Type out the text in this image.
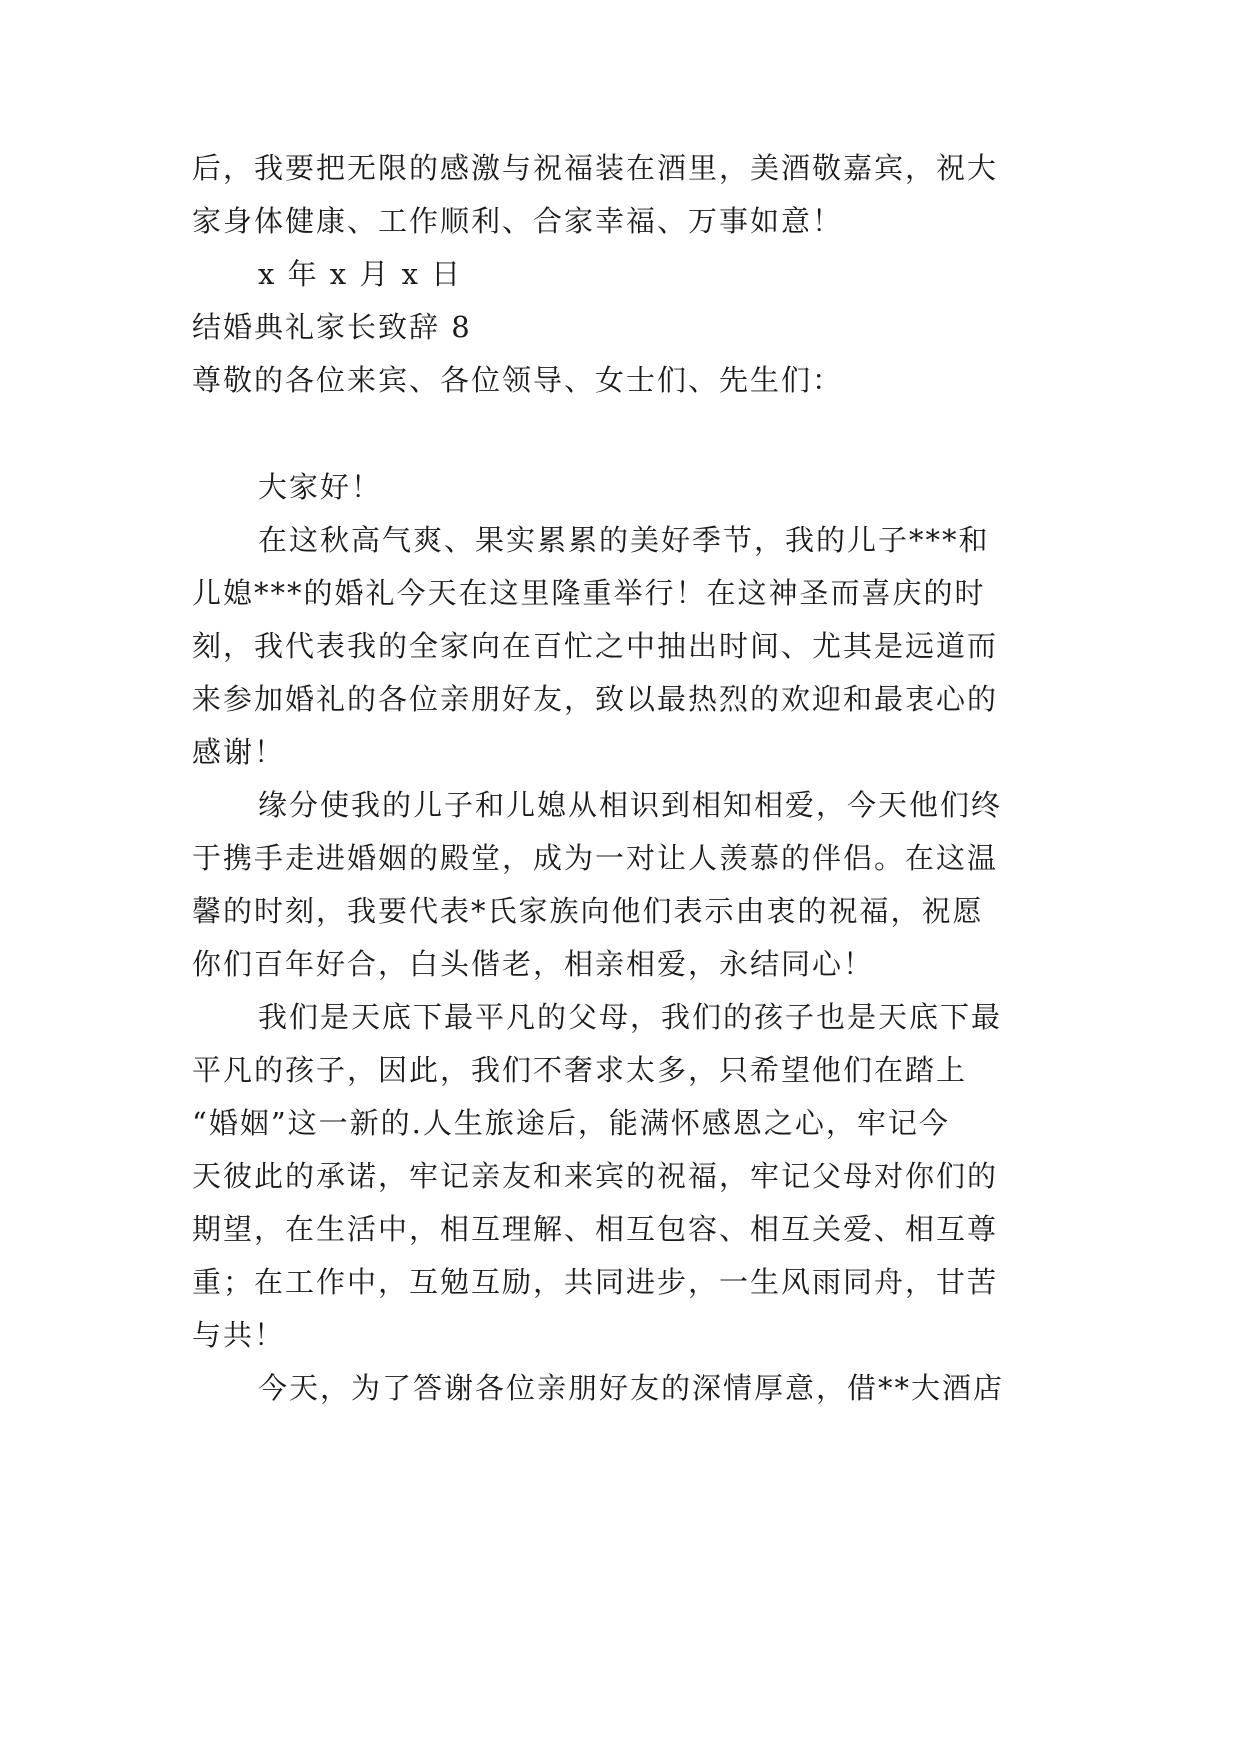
后，我要把无限的感激与祝福装在酒里，美酒敬嘉宾，祝大
家身体健康、工作顺利、合家幸福、万事如意！
x 年 x 月 x 日
结婚典礼家长致辞 8
尊敬的各位来宾、各位领导、女士们、先生们：
大家好！
在这秋高气爽、果实累累的美好季节，我的儿子***和
儿媳***的婚礼今天在这里隆重举行！在这神圣而喜庆的时
刻，我代表我的全家向在百忙之中抽出时间、尤其是远道而
来参加婚礼的各位亲朋好友，致以最热烈的欢迎和最衷心的
感谢！
缘分使我的儿子和儿媳从相识到相知相爱，今天他们终
于携手走进婚姻的殿堂，成为一对让人羡慕的伴侣。在这温
馨的时刻，我要代表*氏家族向他们表示由衷的祝福，祝愿
你们百年好合，白头偕老，相亲相爱，永结同心！
我们是天底下最平凡的父母，我们的孩子也是天底下最
平凡的孩子，因此，我们不奢求太多，只希望他们在踏上
“婚姻”这一新的.人生旅途后，能满怀感恩之心，牢记今
天彼此的承诺，牢记亲友和来宾的祝福，牢记父母对你们的
期望，在生活中，相互理解、相互包容、相互关爱、相互尊
重；在工作中，互勉互励，共同进步，一生风雨同舟，甘苦
与共！
今天，为了答谢各位亲朋好友的深情厚意，借**大酒店
